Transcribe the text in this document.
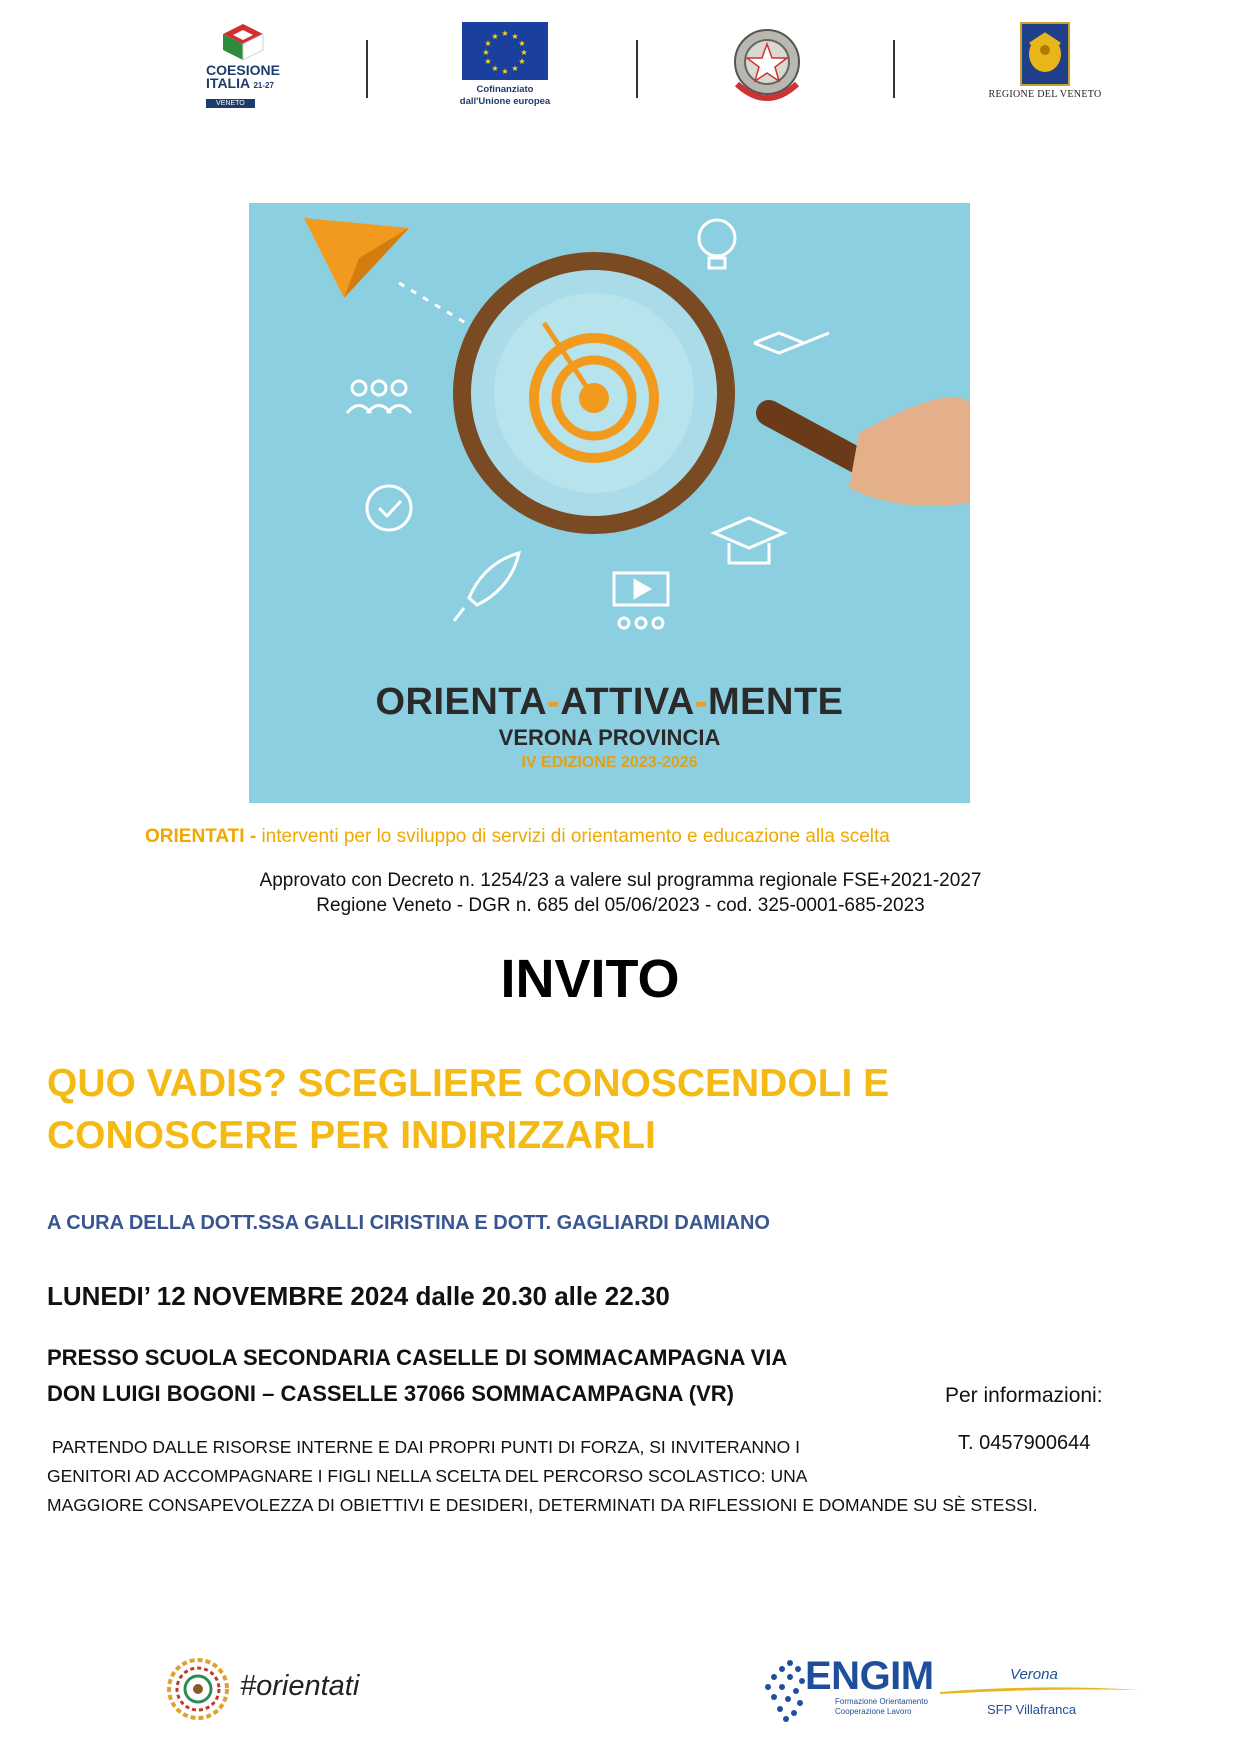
COESIONE
ITALIA 21-27
VENETO
★ ★
★
★
★
★
★
★
★
★
★
★
Cofinanziato
dall'Unione europea
REGIONE DEL VENETO
ORIENTA-ATTIVA-MENTE
VERONA PROVINCIA
IV EDIZIONE 2023-2026
ORIENTATI - interventi per lo sviluppo di servizi di orientamento e educazione alla scelta
Approvato con Decreto n. 1254/23 a valere sul programma regionale FSE+2021-2027
Regione Veneto - DGR n. 685 del 05/06/2023 - cod. 325-0001-685-2023
INVITO
QUO VADIS? SCEGLIERE CONOSCENDOLI E
CONOSCERE PER INDIRIZZARLI
A CURA DELLA DOTT.SSA GALLI CIRISTINA E DOTT. GAGLIARDI DAMIANO
LUNEDI’ 12 NOVEMBRE 2024 dalle 20.30 alle 22.30
PRESSO SCUOLA SECONDARIA CASELLE DI SOMMACAMPAGNA VIA
DON LUIGI BOGONI – CASSELLE 37066 SOMMACAMPAGNA (VR)	Per informazioni:
T. 0457900644
PARTENDO DALLE RISORSE INTERNE E DAI PROPRI PUNTI DI FORZA, SI INVITERANNO I
GENITORI AD ACCOMPAGNARE I FIGLI NELLA SCELTA DEL PERCORSO SCOLASTICO: UNA
MAGGIORE CONSAPEVOLEZZA DI OBIETTIVI E DESIDERI, DETERMINATI DA RIFLESSIONI E DOMANDE SU SÈ STESSI.
#orientati	ENGIM
Formazione Orientamento
Cooperazione Lavoro
Verona
SFP Villafranca
